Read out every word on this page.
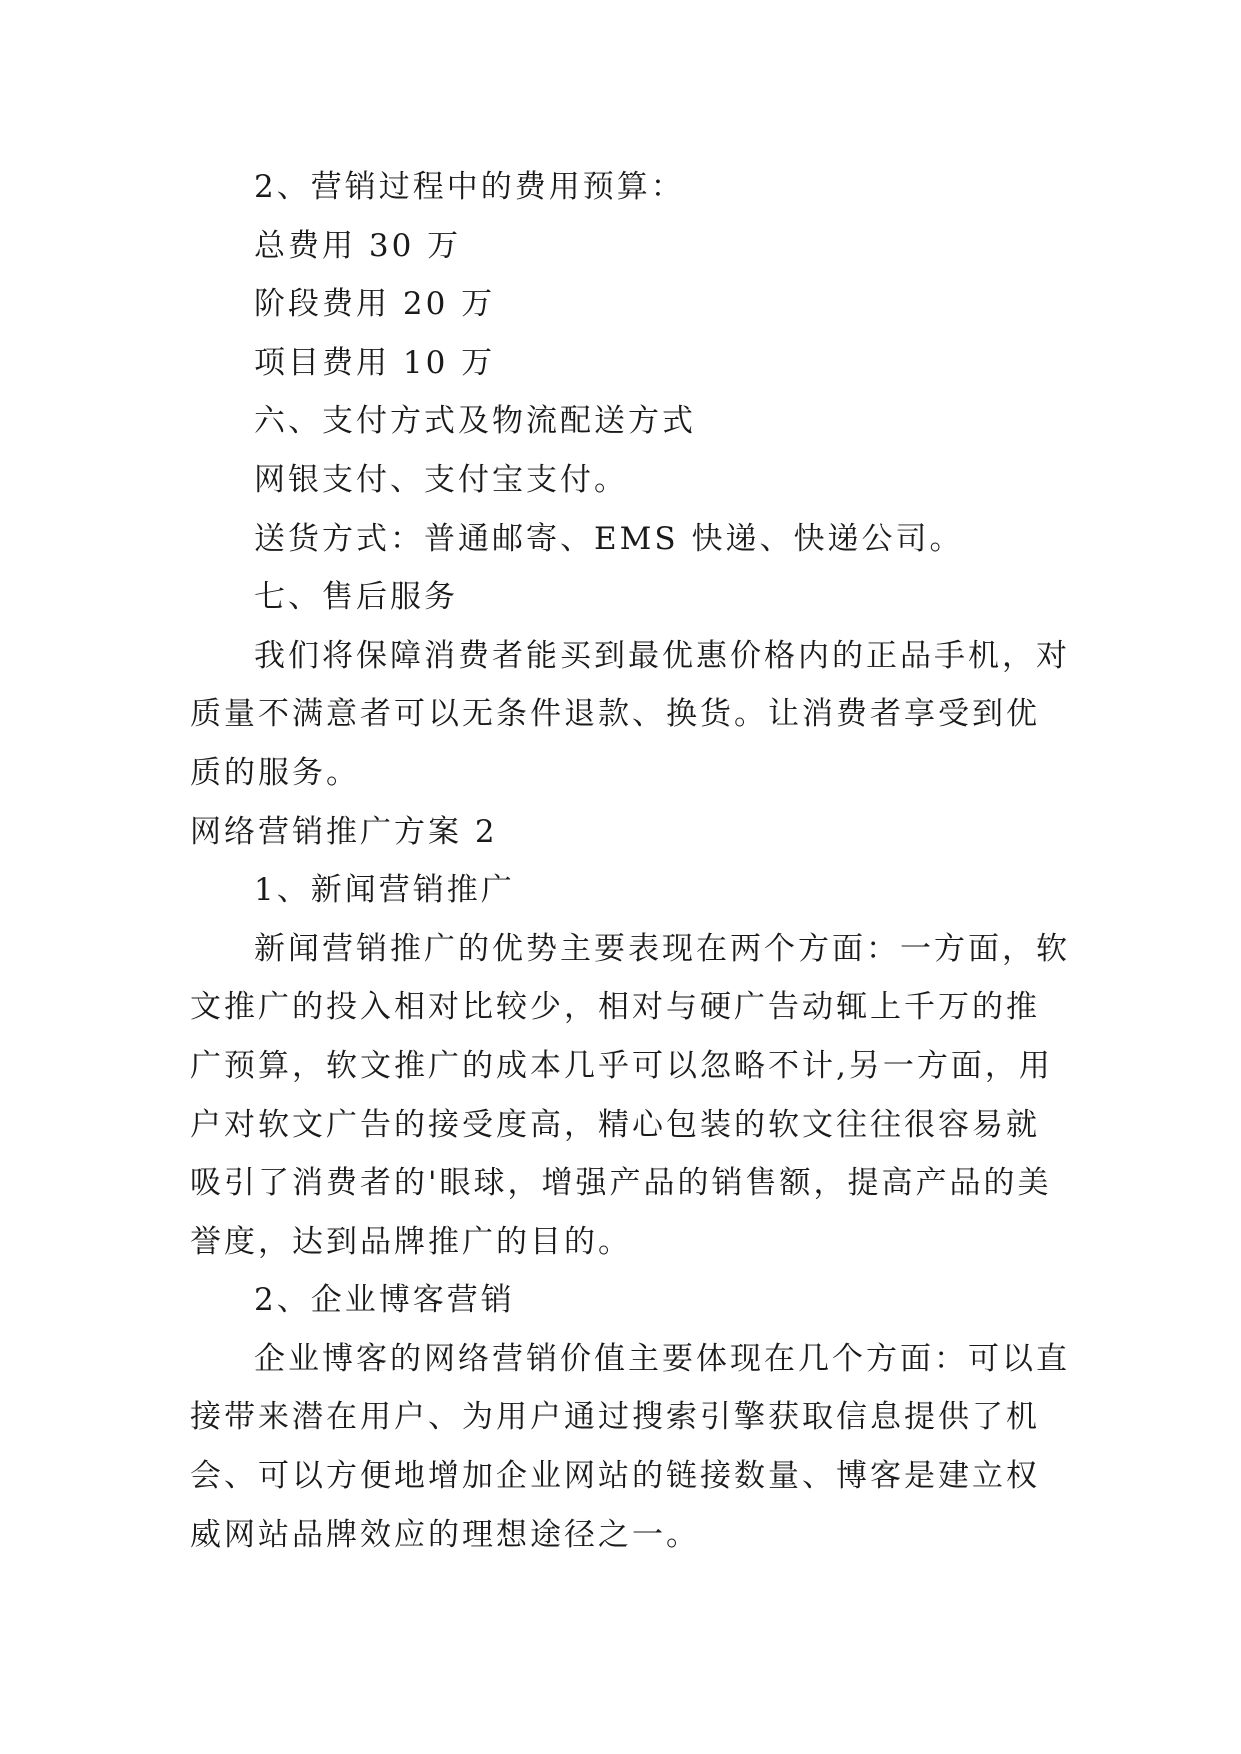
2、营销过程中的费用预算：

总费用 30 万

阶段费用 20 万

项目费用 10 万

六、支付方式及物流配送方式

网银支付、支付宝支付。

送货方式：普通邮寄、EMS 快递、快递公司。

七、售后服务

我们将保障消费者能买到最优惠价格内的正品手机，对质量不满意者可以无条件退款、换货。让消费者享受到优质的服务。

网络营销推广方案 2

1、新闻营销推广

新闻营销推广的优势主要表现在两个方面：一方面，软文推广的投入相对比较少，相对与硬广告动辄上千万的推广预算，软文推广的成本几乎可以忽略不计,另一方面，用户对软文广告的接受度高，精心包装的软文往往很容易就吸引了消费者的'眼球，增强产品的销售额，提高产品的美誉度，达到品牌推广的目的。

2、企业博客营销

企业博客的网络营销价值主要体现在几个方面：可以直接带来潜在用户、为用户通过搜索引擎获取信息提供了机会、可以方便地增加企业网站的链接数量、博客是建立权威网站品牌效应的理想途径之一。
